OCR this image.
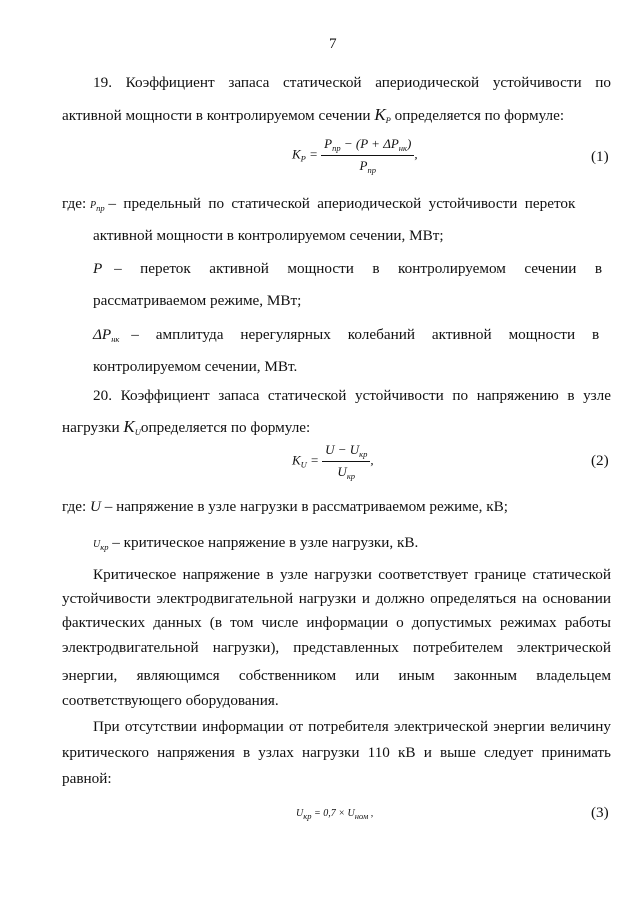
7
19. Коэффициент запаса статической апериодической устойчивости по
активной мощности в контролируемом сечении $K_P$ определяется по формуле:
$K_P = \frac{P_{пр} - (P + \Delta P_{нк})}{P_{пр}}$ ,	(1)
где: $P_{пр}$ – предельный по статической апериодической устойчивости переток
активной мощности в контролируемом сечении, МВт;
P – переток активной мощности в контролируемом сечении в
рассматриваемом режиме, МВт;
$\Delta P_{нк}$ – амплитуда нерегулярных колебаний активной мощности в
контролируемом сечении, МВт.
20. Коэффициент запаса статической устойчивости по напряжению в узле
нагрузки $K_Uопределяется$ по формуле:
$K_U = \frac{U - U_{кр}}{U_{кр}}$ ,	(2)
где: U – напряжение в узле нагрузки в рассматриваемом режиме, кВ;
$U_{кр}$ – критическое напряжение в узле нагрузки, кВ.
Критическое напряжение в узле нагрузки соответствует границе статической
устойчивости электродвигательной нагрузки и должно определяться на основании
фактических данных (в том числе информации о допустимых режимах работы
электродвигательной нагрузки), представленных потребителем электрической
энергии, являющимся собственником или иным законным владельцем
соответствующего оборудования.
При отсутствии информации от потребителя электрической энергии величину
критического напряжения в узлах нагрузки 110 кВ и выше следует принимать
равной:
$U_{кр} = 0,7 \times U_{ном}$ ,	(3)
